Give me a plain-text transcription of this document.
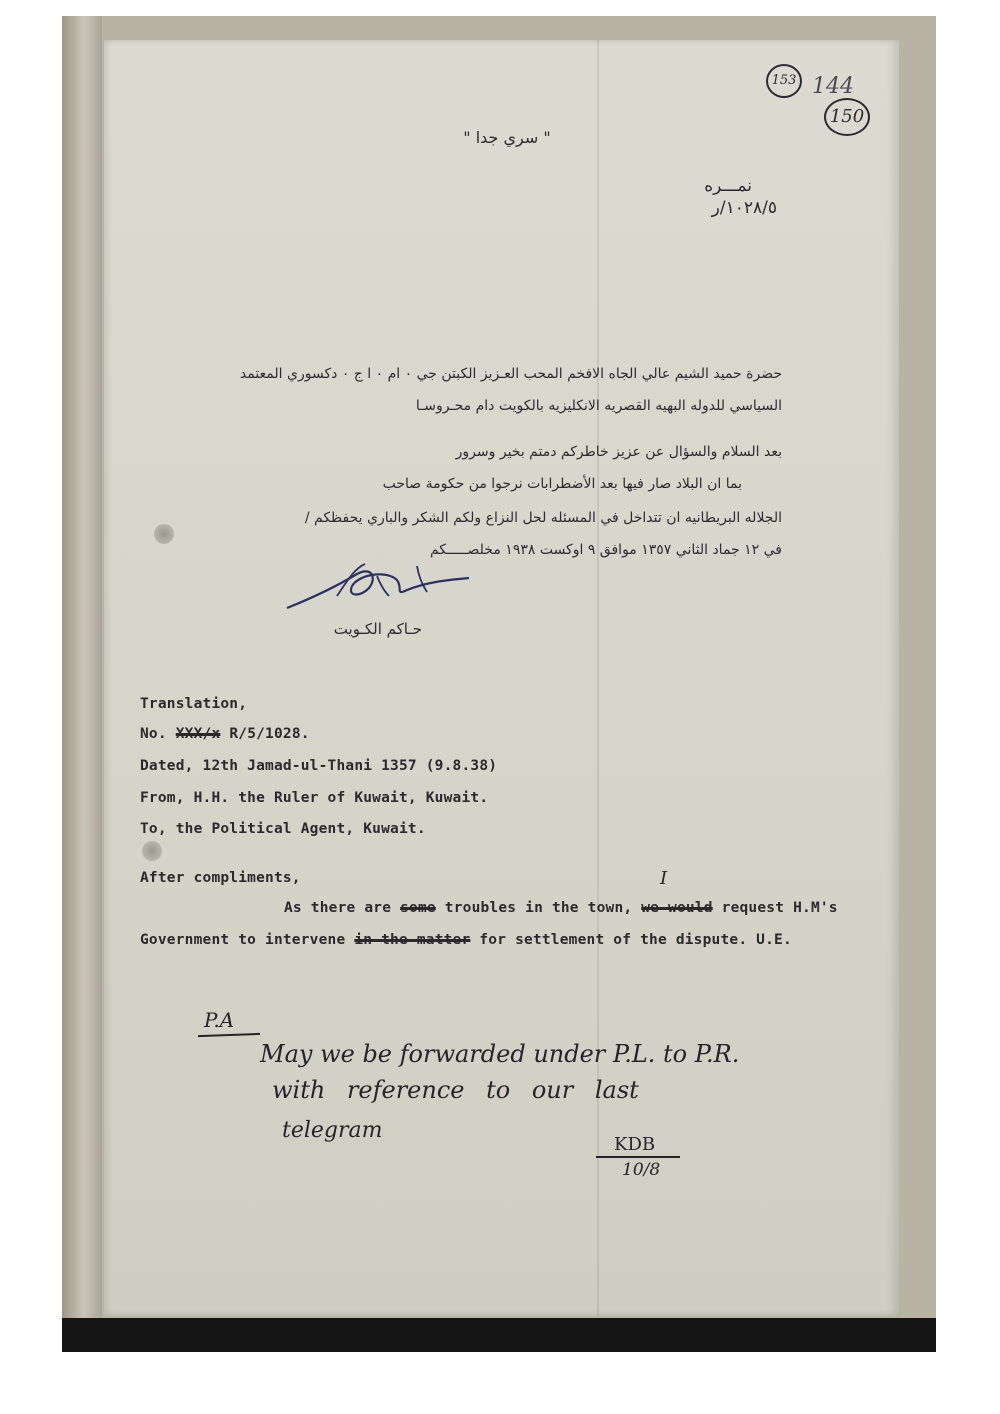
153 144
150
" سري جدا "
نمـــره
١٠٢٨/٥/ر
حضرة حميد الشيم عالي الجاه الافخم المحب العـزيز الكبتن جي ٠ ام ٠ ا ج ٠ دكسوري المعتمد
السياسي للدوله البهيه القصريه الانكليزيه بالكويت دام محـروسـا
بعد السلام والسؤال عن عزيز خاطركم دمتم بخير وسرور
بما ان البلاد صار فيها بعد الأضطرابات نرجوا من حكومة صاحب
الجلاله البريطانيه ان تتداخل في المسئله لحل النزاع ولكم الشكر والباري يحفظكم /
في ١٢ جماد الثاني ١٣٥٧ موافق ٩ اوكست ١٩٣٨ مخلصـــــكم
حـاكم الكـويت
Translation,
No. XXX/x R/5/1028.
Dated, 12th Jamad-ul-Thani 1357 (9.8.38)
From, H.H. the Ruler of Kuwait, Kuwait.
To, the Political Agent, Kuwait.
After compliments,	I
As there are some troubles in the town, we would request H.M's
Government to intervene in the matter for settlement of the dispute. U.E.
P.A
May we be forwarded under P.L. to P.R.
with reference to our last
telegram
KDB
10/8
